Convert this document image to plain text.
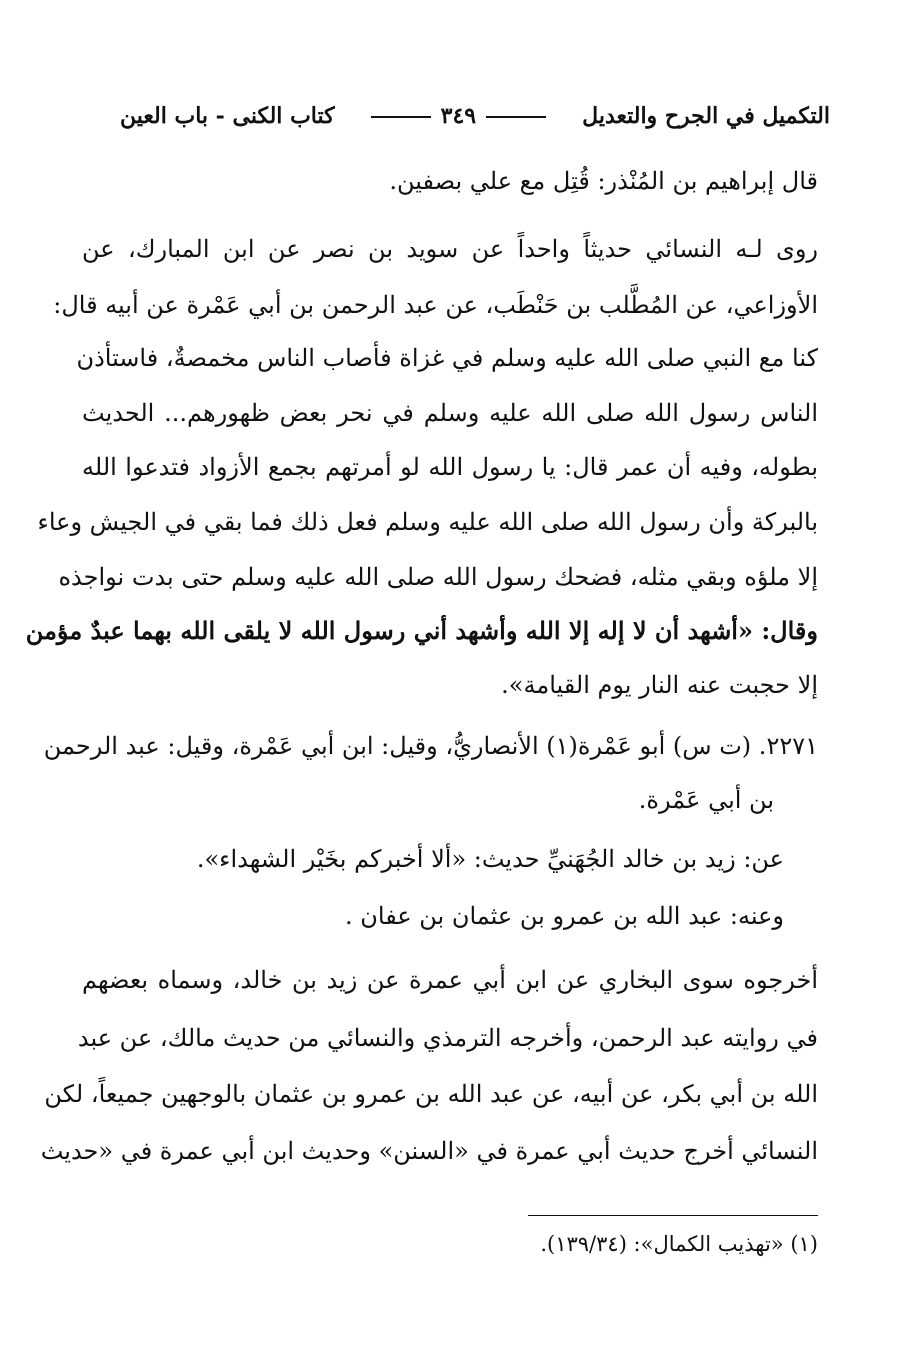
التكميل في الجرح والتعديل
٣٤٩
كتاب الكنى - باب العين
قال إبراهيم بن المُنْذر: قُتِل مع علي بصفين.
روى لـه النسائي حديثاً واحداً عن سويد بن نصر عن ابن المبارك، عن
الأوزاعي، عن المُطَّلب بن حَنْطَب، عن عبد الرحمن بن أبي عَمْرة عن أبيه قال:
كنا مع النبي صلى الله عليه وسلم في غزاة فأصاب الناس مخمصةٌ، فاستأذن
الناس رسول الله صلى الله عليه وسلم في نحر بعض ظهورهم... الحديث
بطوله، وفيه أن عمر قال: يا رسول الله لو أمرتهم بجمع الأزواد فتدعوا الله
بالبركة وأن رسول الله صلى الله عليه وسلم فعل ذلك فما بقي في الجيش وعاء
إلا ملؤه وبقي مثله، فضحك رسول الله صلى الله عليه وسلم حتى بدت نواجذه
وقال: «أشهد أن لا إله إلا الله وأشهد أني رسول الله لا يلقى الله بهما عبدٌ مؤمن
إلا حجبت عنه النار يوم القيامة».
٢٢٧١. (ت س) أبو عَمْرة(١) الأنصاريُّ، وقيل: ابن أبي عَمْرة، وقيل: عبد الرحمن
بن أبي عَمْرة.
عن: زيد بن خالد الجُهَنيِّ حديث: «ألا أخبركم بخَيْر الشهداء».
وعنه: عبد الله بن عمرو بن عثمان بن عفان .
أخرجوه سوى البخاري عن ابن أبي عمرة عن زيد بن خالد، وسماه بعضهم
في روايته عبد الرحمن، وأخرجه الترمذي والنسائي من حديث مالك، عن عبد
الله بن أبي بكر، عن أبيه، عن عبد الله بن عمرو بن عثمان بالوجهين جميعاً، لكن
النسائي أخرج حديث أبي عمرة في «السنن» وحديث ابن أبي عمرة في «حديث
(١) «تهذيب الكمال»: (١٣٩/٣٤).
